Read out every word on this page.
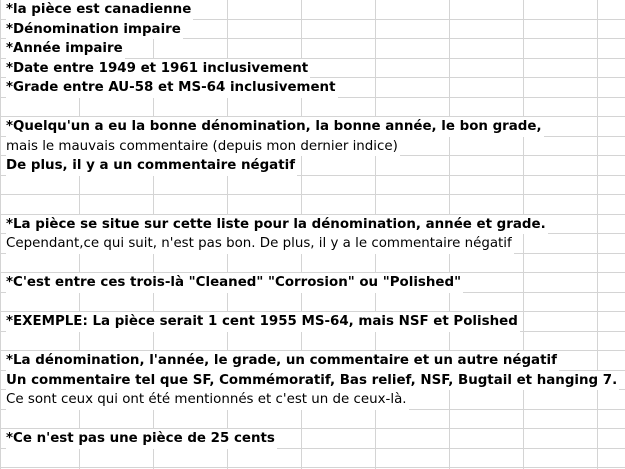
*la pièce est canadienne
*Dénomination impaire
*Année impaire
*Date entre 1949 et 1961 inclusivement
*Grade entre AU-58 et MS-64 inclusivement
*Quelqu'un a eu la bonne dénomination, la bonne année, le bon grade,
mais le mauvais commentaire (depuis mon dernier indice)
De plus, il y a un commentaire négatif
*La pièce se situe sur cette liste pour la dénomination, année et grade.
Cependant,ce qui suit, n'est pas bon. De plus, il y a le commentaire négatif
*C'est entre ces trois-là "Cleaned" "Corrosion" ou "Polished"
*EXEMPLE: La pièce serait 1 cent 1955 MS-64, mais NSF et Polished
*La dénomination, l'année, le grade, un commentaire et un autre négatif
Un commentaire tel que SF, Commémoratif, Bas relief, NSF, Bugtail et hanging 7.
Ce sont ceux qui ont été mentionnés et c'est un de ceux-là.
*Ce n'est pas une pièce de 25 cents
